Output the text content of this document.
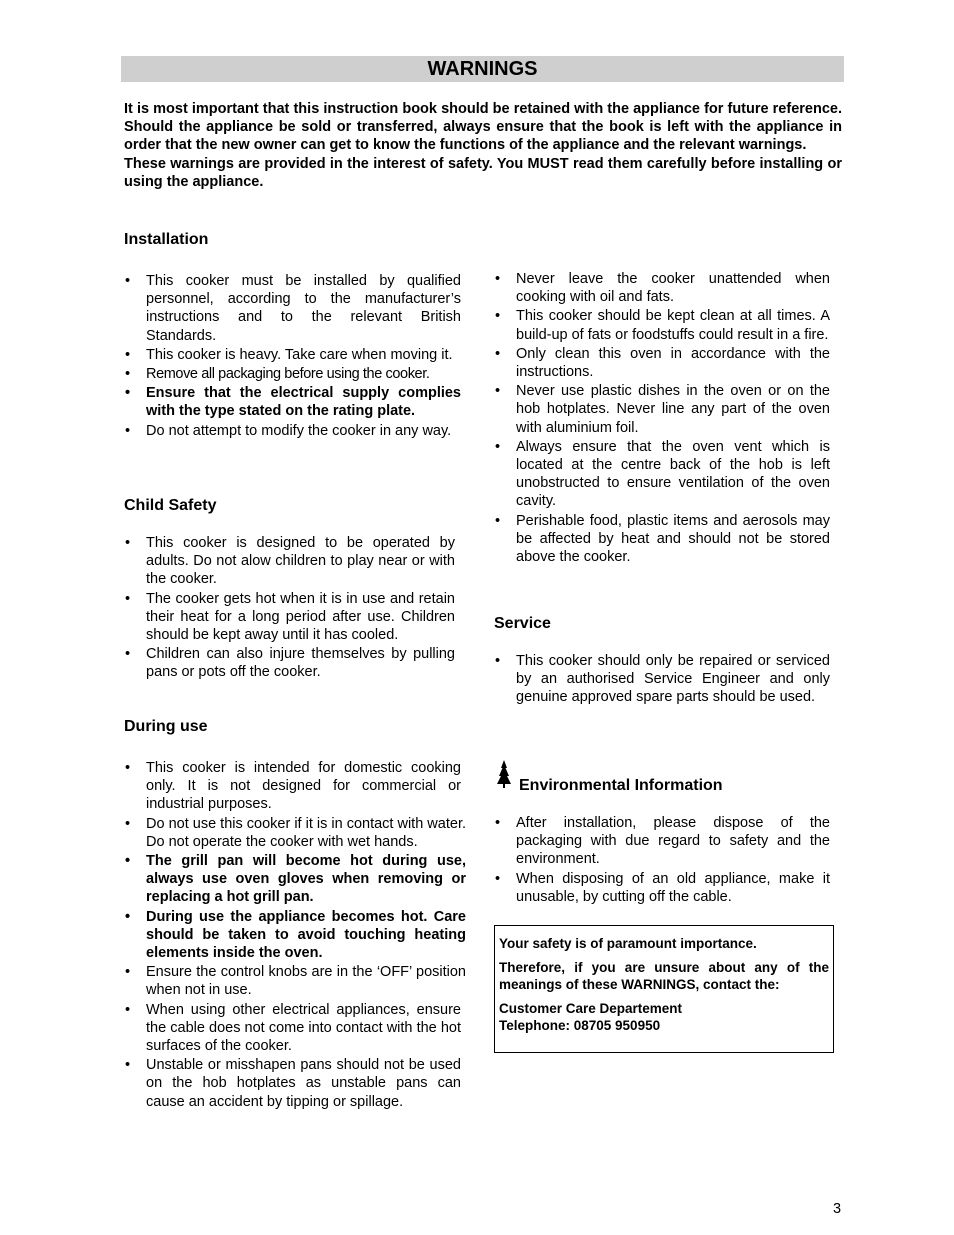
WARNINGS

It is most important that this instruction book should be retained with the appliance for future reference. Should the appliance be sold or transferred, always ensure that the book is left with the appliance in order that the new owner can get to know the functions of the appliance and the relevant warnings.

These warnings are provided in the interest of safety. You MUST read them carefully before installing or using the appliance.

Installation
• This cooker must be installed by qualified personnel, according to the manufacturer’s instructions and to the relevant British Standards.
• This cooker is heavy. Take care when moving it.
• Remove all packaging before using the cooker.
• Ensure that the electrical supply complies with the type stated on the rating plate.
• Do not attempt to modify the cooker in any way.
Child Safety
• This cooker is designed to be operated by adults. Do not alow children to play near or with the cooker.
• The cooker gets hot when it is in use and retain their heat for a long period after use. Children should be kept away until it has cooled.
• Children can also injure themselves by pulling pans or pots off the cooker.
During use
• This cooker is intended for domestic cooking only. It is not designed for commercial or industrial purposes.
• Do not use this cooker if it is in contact with water. Do not operate the cooker with wet hands.
• The grill pan will become hot during use, always use oven gloves when removing or replacing a hot grill pan.
• During use the appliance becomes hot. Care should be taken to avoid touching heating elements inside the oven.
• Ensure the control knobs are in the ‘OFF’ position when not in use.
• When using other electrical appliances, ensure the cable does not come into contact with the hot surfaces of the cooker.
• Unstable or misshapen pans should not be used on the hob hotplates as unstable pans can cause an accident by tipping or spillage.
• Never leave the cooker unattended when cooking with oil and fats.
• This cooker should be kept clean at all times. A build-up of fats or foodstuffs could result in a fire.
• Only clean this oven in accordance with the instructions.
• Never use plastic dishes in the oven or on the hob hotplates. Never line any part of the oven with aluminium foil.
• Always ensure that the oven vent which is located at the centre back of the hob is left unobstructed to ensure ventilation of the oven cavity.
• Perishable food, plastic items and aerosols may be affected by heat and should not be stored above the cooker.
Service
• This cooker should only be repaired or serviced by an authorised Service Engineer and only genuine approved spare parts should be used.
Environmental Information
• After installation, please dispose of the packaging with due regard to safety and the environment.
• When disposing of an old appliance, make it unusable, by cutting off the cable.

Your safety is of paramount importance.

Therefore, if you are unsure about any of the meanings of these WARNINGS, contact the:

Customer Care Departement

Telephone: 08705 950950

3
